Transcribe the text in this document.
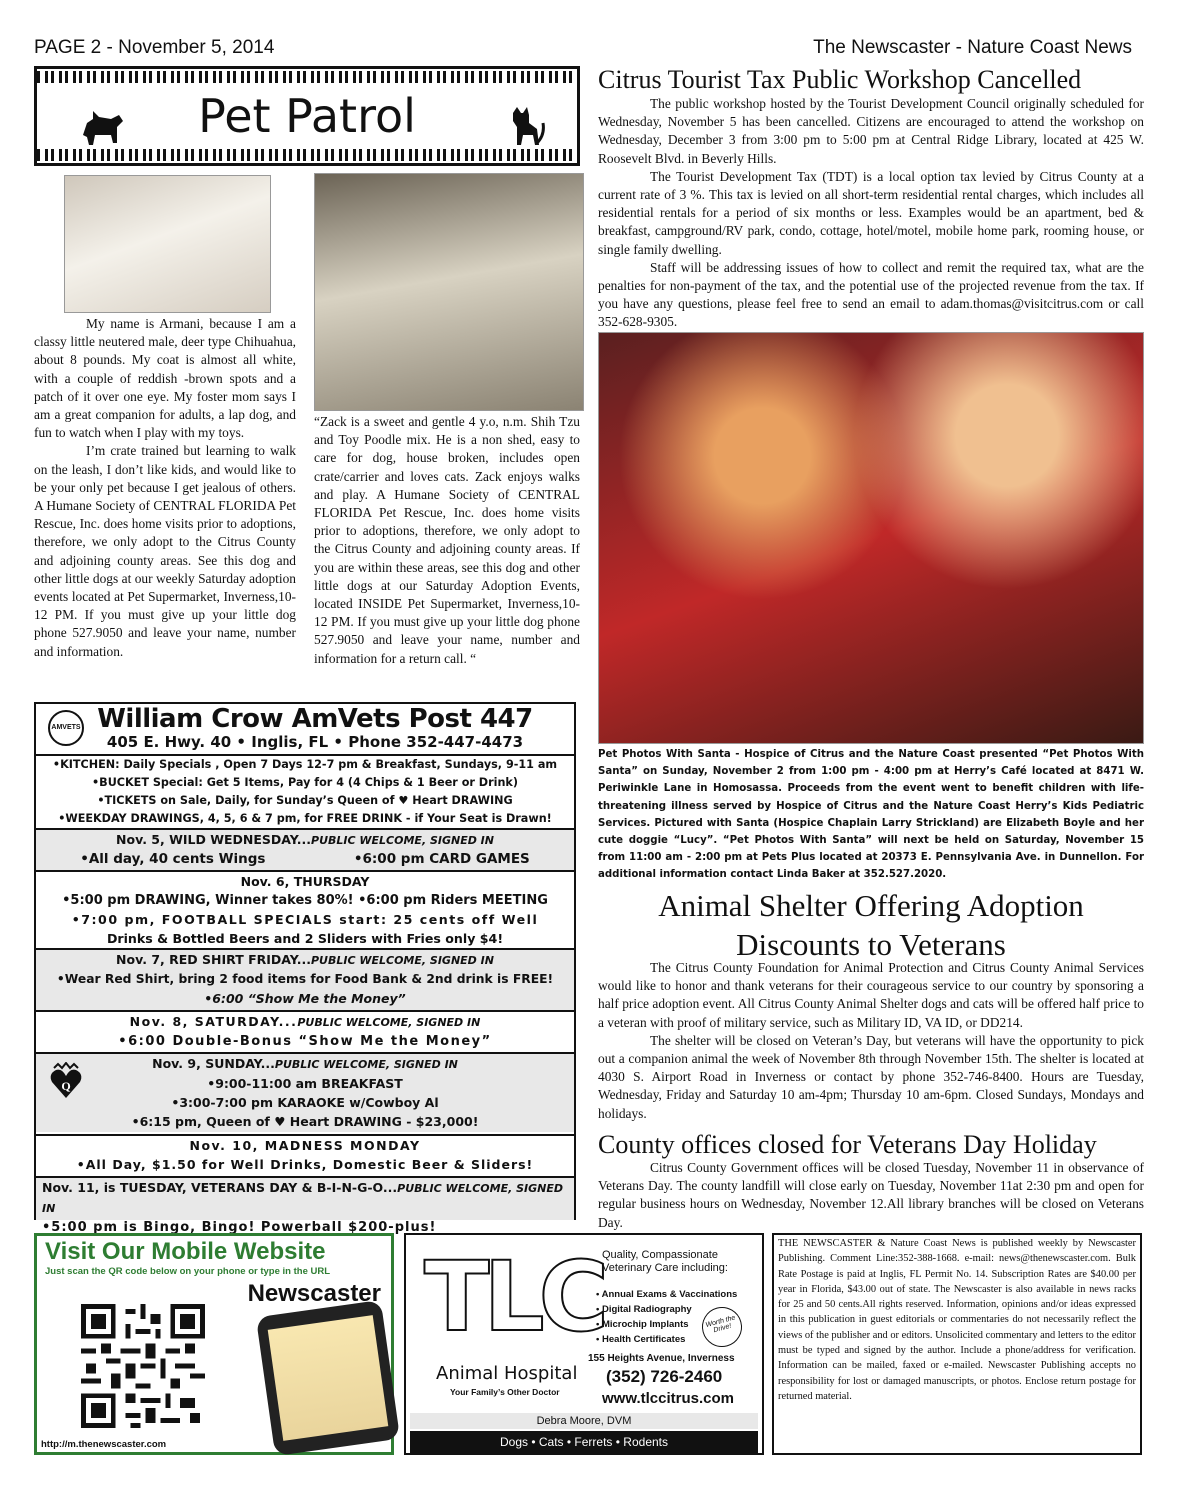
PAGE 2 - November 5, 2014	The Newscaster - Nature Coast News
Pet Patrol

My name is Armani, because I am a classy little neutered male, deer type Chihuahua, about 8 pounds. My coat is almost all white, with a couple of reddish -brown spots and a patch of it over one eye. My foster mom says I am a great companion for adults, a lap dog, and fun to watch when I play with my toys.

I’m crate trained but learning to walk on the leash, I don’t like kids, and would like to be your only pet because I get jealous of others. A Humane Society of CENTRAL FLORIDA Pet Rescue, Inc. does home visits prior to adoptions, therefore, we only adopt to the Citrus County and adjoining county areas. See this dog and other little dogs at our weekly Saturday adoption events located at Pet Supermarket, Inverness,10-12 PM. If you must give up your little dog phone 527.9050 and leave your name, number and information.

“Zack is a sweet and gentle 4 y.o, n.m. Shih Tzu and Toy Poodle mix. He is a non shed, easy to care for dog, house broken, includes open crate/carrier and loves cats. Zack enjoys walks and play. A Humane Society of CENTRAL FLORIDA Pet Rescue, Inc. does home visits prior to adoptions, therefore, we only adopt to the Citrus County and adjoining county areas. If you are within these areas, see this dog and other little dogs at our Saturday Adoption Events, located INSIDE Pet Supermarket, Inverness,10-12 PM. If you must give up your little dog phone 527.9050 and leave your name, number and information for a return call. “

AMVETS William Crow AmVets Post 447
405 E. Hwy. 40 • Inglis, FL • Phone 352-447-4473
•KITCHEN: Daily Specials , Open 7 Days 12-7 pm & Breakfast, Sundays, 9-11 am
•BUCKET Special: Get 5 Items, Pay for 4 (4 Chips & 1 Beer or Drink)
•TICKETS on Sale, Daily, for Sunday’s Queen of ♥ Heart DRAWING
•WEEKDAY DRAWINGS, 4, 5, 6 & 7 pm, for FREE DRINK - if Your Seat is Drawn!
Nov. 5, WILD WEDNESDAY...PUBLIC WELCOME, SIGNED IN
•All day, 40 cents Wings	•6:00 pm CARD GAMES
Nov. 6, THURSDAY
•5:00 pm DRAWING, Winner takes 80%! •6:00 pm Riders MEETING
•7:00 pm, FOOTBALL SPECIALS start: 25 cents off Well
Drinks & Bottled Beers and 2 Sliders with Fries only $4!
Nov. 7, RED SHIRT FRIDAY...PUBLIC WELCOME, SIGNED IN
•Wear Red Shirt, bring 2 food items for Food Bank & 2nd drink is FREE!
•6:00 “Show Me the Money”
Nov. 8, SATURDAY...PUBLIC WELCOME, SIGNED IN
•6:00 Double-Bonus “Show Me the Money”
Q
Nov. 9, SUNDAY...PUBLIC WELCOME, SIGNED IN
•9:00-11:00 am BREAKFAST
•3:00-7:00 pm KARAOKE w/Cowboy Al
•6:15 pm, Queen of ♥ Heart DRAWING - $23,000!
Nov. 10, MADNESS MONDAY
•All Day, $1.50 for Well Drinks, Domestic Beer & Sliders!
Nov. 11, is TUESDAY, VETERANS DAY & B-I-N-G-O...PUBLIC WELCOME, SIGNED IN
•5:00 pm is Bingo, Bingo! Powerball $200-plus!
Visit Our Mobile Website
Just scan the QR code below on your phone or type in the URL
Newscaster
http://m.thenewscaster.com
TLC
Animal Hospital
Your Family’s Other Doctor
Quality, Compassionate Veterinary Care including:
• Annual Exams & Vaccinations
• Digital Radiography
• Microchip Implants
• Health Certificates
Worth the Drive!
155 Heights Avenue, Inverness
(352) 726-2460
www.tlccitrus.com
Debra Moore, DVM
Dogs • Cats • Ferrets • Rodents

THE NEWSCASTER & Nature Coast News is published weekly by Newscaster Publishing. Comment Line:352-388-1668. e-mail: news@thenewscaster.com. Bulk Rate Postage is paid at Inglis, FL Permit No. 14. Subscription Rates are $40.00 per year in Florida, $43.00 out of state. The Newscaster is also available in news racks for 25 and 50 cents.All rights reserved. Information, opinions and/or ideas expressed in this publication in guest editorials or commentaries do not necessarily reflect the views of the publisher and or editors. Unsolicited commentary and letters to the editor must be typed and signed by the author. Include a phone/address for verification. Information can be mailed, faxed or e-mailed. Newscaster Publishing accepts no responsibility for lost or damaged manuscripts, or photos. Enclose return postage for returned material.

Citrus Tourist Tax Public Workshop Cancelled

The public workshop hosted by the Tourist Development Council originally scheduled for Wednesday, November 5 has been cancelled. Citizens are encouraged to attend the workshop on Wednesday, December 3 from 3:00 pm to 5:00 pm at Central Ridge Library, located at 425 W. Roosevelt Blvd. in Beverly Hills.

The Tourist Development Tax (TDT) is a local option tax levied by Citrus County at a current rate of 3 %. This tax is levied on all short-term residential rental charges, which includes all residential rentals for a period of six months or less. Examples would be an apartment, bed & breakfast, campground/RV park, condo, cottage, hotel/motel, mobile home park, rooming house, or single family dwelling.

Staff will be addressing issues of how to collect and remit the required tax, what are the penalties for non-payment of the tax, and the potential use of the projected revenue from the tax. If you have any questions, please feel free to send an email to adam.thomas@visitcitrus.com or call 352-628-9305.

Pet Photos With Santa - Hospice of Citrus and the Nature Coast presented “Pet Photos With Santa” on Sunday, November 2 from 1:00 pm - 4:00 pm at Herry’s Café located at 8471 W. Periwinkle Lane in Homosassa. Proceeds from the event went to benefit children with life-threatening illness served by Hospice of Citrus and the Nature Coast Herry’s Kids Pediatric Services. Pictured with Santa (Hospice Chaplain Larry Strickland) are Elizabeth Boyle and her cute doggie “Lucy”. “Pet Photos With Santa” will next be held on Saturday, November 15 from 11:00 am - 2:00 pm at Pets Plus located at 20373 E. Pennsylvania Ave. in Dunnellon. For additional information contact Linda Baker at 352.527.2020.
Animal Shelter Offering Adoption
Discounts to Veterans

The Citrus County Foundation for Animal Protection and Citrus County Animal Services would like to honor and thank veterans for their courageous service to our country by sponsoring a half price adoption event. All Citrus County Animal Shelter dogs and cats will be offered half price to a veteran with proof of military service, such as Military ID, VA ID, or DD214.

The shelter will be closed on Veteran’s Day, but veterans will have the opportunity to pick out a companion animal the week of November 8th through November 15th. The shelter is located at 4030 S. Airport Road in Inverness or contact by phone 352-746-8400. Hours are Tuesday, Wednesday, Friday and Saturday 10 am-4pm; Thursday 10 am-6pm. Closed Sundays, Mondays and holidays.

County offices closed for Veterans Day Holiday

Citrus County Government offices will be closed Tuesday, November 11 in observance of Veterans Day. The county landfill will close early on Tuesday, November 11at 2:30 pm and open for regular business hours on Wednesday, November 12.All library branches will be closed on Veterans Day.
